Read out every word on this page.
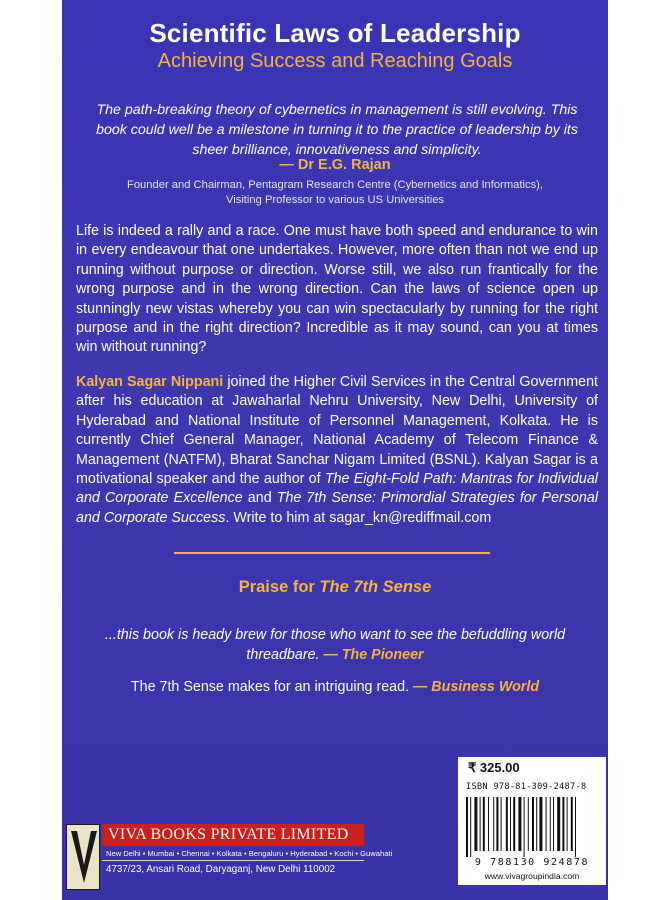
Scientific Laws of Leadership
Achieving Success and Reaching Goals
The path-breaking theory of cybernetics in management is still evolving. This book could well be a milestone in turning it to the practice of leadership by its sheer brilliance, innovativeness and simplicity.
— Dr E.G. Rajan
Founder and Chairman, Pentagram Research Centre (Cybernetics and Informatics),
Visiting Professor to various US Universities
Life is indeed a rally and a race. One must have both speed and endurance to win in every endeavour that one undertakes. However, more often than not we end up running without purpose or direction. Worse still, we also run frantically for the wrong purpose and in the wrong direction. Can the laws of science open up stunningly new vistas whereby you can win spectacularly by running for the right purpose and in the right direction? Incredible as it may sound, can you at times win without running?
Kalyan Sagar Nippani joined the Higher Civil Services in the Central Government after his education at Jawaharlal Nehru University, New Delhi, University of Hyderabad and National Institute of Personnel Management, Kolkata. He is currently Chief General Manager, National Academy of Telecom Finance & Management (NATFM), Bharat Sanchar Nigam Limited (BSNL). Kalyan Sagar is a motivational speaker and the author of The Eight-Fold Path: Mantras for Individual and Corporate Excellence and The 7th Sense: Primordial Strategies for Personal and Corporate Success. Write to him at sagar_kn@rediffmail.com
Praise for The 7th Sense
...this book is heady brew for those who want to see the befuddling world threadbare. — The Pioneer
The 7th Sense makes for an intriguing read. — Business World
VIVA BOOKS PRIVATE LIMITED
New Delhi • Mumbai • Chennai • Kolkata • Bengaluru • Hyderabad • Kochi • Guwahati
4737/23, Ansari Road, Daryaganj, New Delhi 110002
₹ 325.00
ISBN 978-81-309-2487-8
9 788130 924878
www.vivagroupindia.com
